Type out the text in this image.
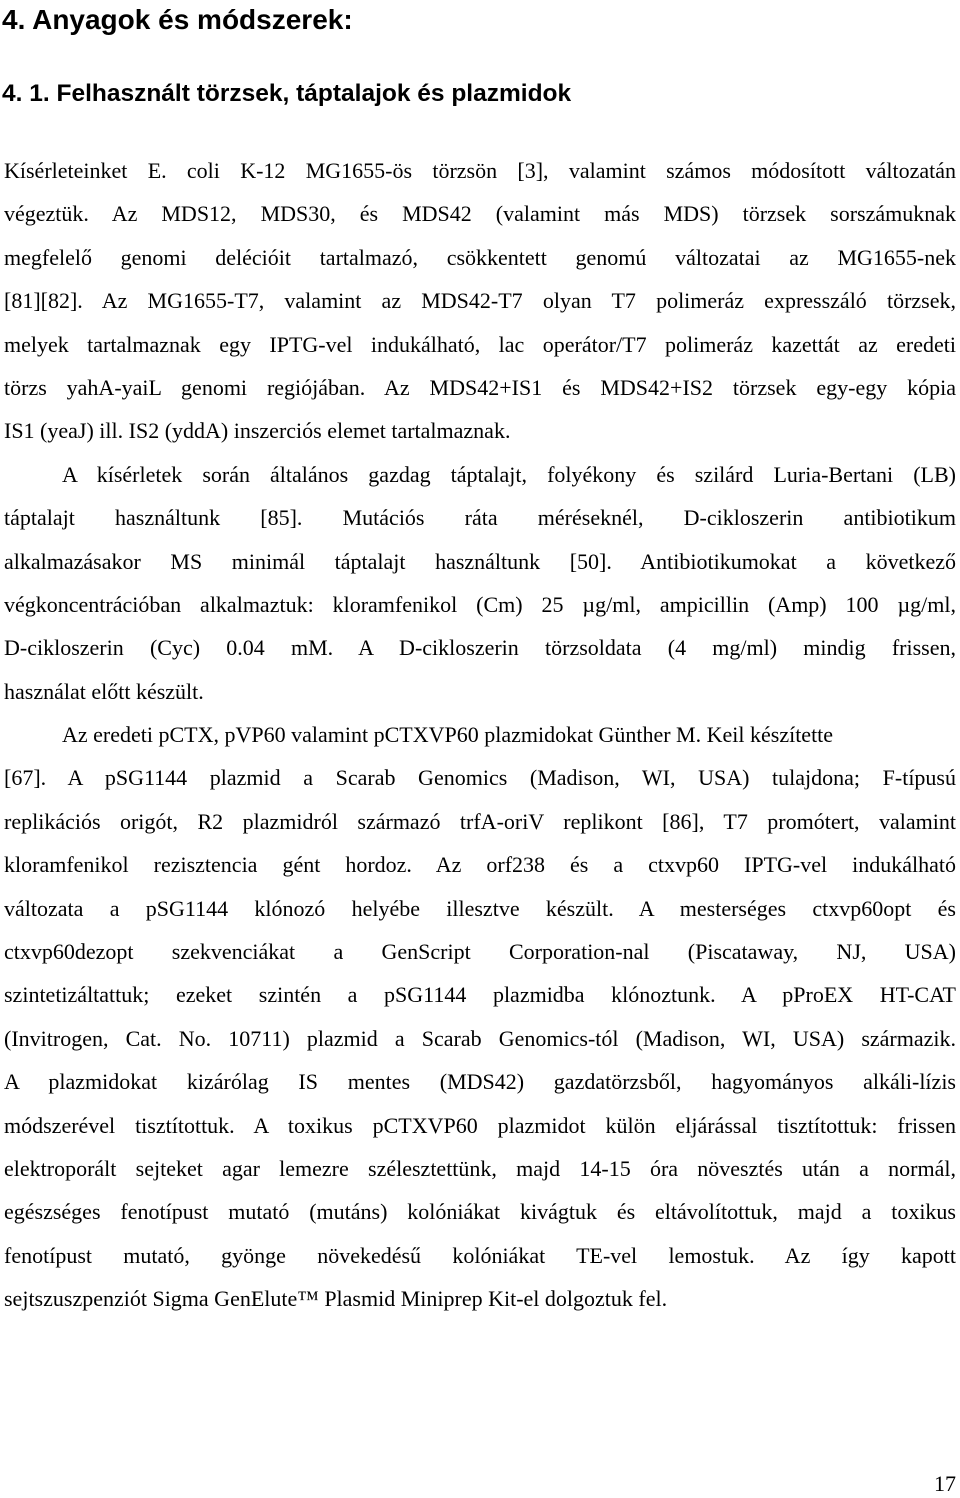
4. Anyagok és módszerek:
4. 1. Felhasznált törzsek, táptalajok és plazmidok
Kísérleteinket E. coli K-12 MG1655-ös törzsön [3], valamint számos módosított változatán
végeztük. Az MDS12, MDS30, és MDS42 (valamint más MDS) törzsek sorszámuknak
megfelelő genomi delécióit tartalmazó, csökkentett genomú változatai az MG1655-nek
[81][82]. Az MG1655-T7, valamint az MDS42-T7 olyan T7 polimeráz expresszáló törzsek,
melyek tartalmaznak egy IPTG-vel indukálható, lac operátor/T7 polimeráz kazettát az eredeti
törzs yahA-yaiL genomi regiójában. Az MDS42+IS1 és MDS42+IS2 törzsek egy-egy kópia
IS1 (yeaJ) ill. IS2 (yddA) inszerciós elemet tartalmaznak.
A kísérletek során általános gazdag táptalajt, folyékony és szilárd Luria-Bertani (LB)
táptalajt használtunk [85]. Mutációs ráta méréseknél, D-cikloszerin antibiotikum
alkalmazásakor MS minimál táptalajt használtunk [50]. Antibiotikumokat a következő
végkoncentrációban alkalmaztuk: kloramfenikol (Cm) 25 µg/ml, ampicillin (Amp) 100 µg/ml,
D-cikloszerin (Cyc) 0.04 mM. A D-cikloszerin törzsoldata (4 mg/ml) mindig frissen,
használat előtt készült.
Az eredeti pCTX, pVP60 valamint pCTXVP60 plazmidokat Günther M. Keil készítette
[67]. A pSG1144 plazmid a Scarab Genomics (Madison, WI, USA) tulajdona; F-típusú
replikációs origót, R2 plazmidról származó trfA-oriV replikont [86], T7 promótert, valamint
kloramfenikol rezisztencia gént hordoz. Az orf238 és a ctxvp60 IPTG-vel indukálható
változata a pSG1144 klónozó helyébe illesztve készült. A mesterséges ctxvp60opt és
ctxvp60dezopt szekvenciákat a GenScript Corporation-nal (Piscataway, NJ, USA)
szintetizáltattuk; ezeket szintén a pSG1144 plazmidba klónoztunk. A pProEX HT-CAT
(Invitrogen, Cat. No. 10711) plazmid a Scarab Genomics-tól (Madison, WI, USA) származik.
A plazmidokat kizárólag IS mentes (MDS42) gazdatörzsből, hagyományos alkáli-lízis
módszerével tisztítottuk. A toxikus pCTXVP60 plazmidot külön eljárással tisztítottuk: frissen
elektroporált sejteket agar lemezre szélesztettünk, majd 14-15 óra növesztés után a normál,
egészséges fenotípust mutató (mutáns) kolóniákat kivágtuk és eltávolítottuk, majd a toxikus
fenotípust mutató, gyönge növekedésű kolóniákat TE-vel lemostuk. Az így kapott
sejtszuszpenziót Sigma GenElute™ Plasmid Miniprep Kit-el dolgoztuk fel.
17
